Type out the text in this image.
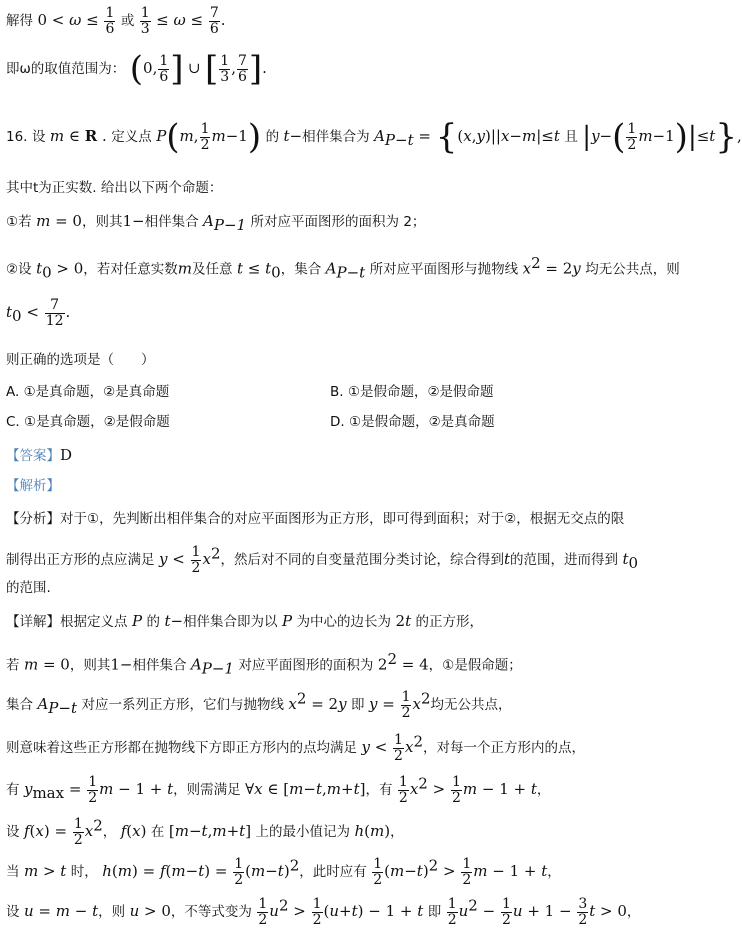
解得 $0 < \omega \le \frac{1}{6}$ 或 $\frac{1}{3} \le \omega \le \frac{7}{6}$ .
即ω的取值范围为： (0, $\frac{1}{6}$ ] ∪ [ $\frac{1}{3}$ , $\frac{7}{6}$ ].
16. 设 m ∈ R . 定义点 P(m, $\frac{1}{2} m-1$) 的 t−相伴集合为 $A_{P-t} = \{(x,y)||x-m|\le t$ 且 $|y-( \frac{1}{2} m-1)|\le t$},
其中t为正实数. 给出以下两个命题：
①若 m = 0，则其1−相伴集合 $A_{P-1}$ 所对应平面图形的面积为 2；
②设 $t_0 > 0$，若对任意实数m及任意 $t \le t_0$，集合 $A_{P-t}$ 所对应平面图形与抛物线 $x^2 = 2y$ 均无公共点，则
$t_0 < \frac{7}{12}$ .
则正确的选项是（　　）
A. ①是真命题，②是真命题	B. ①是假命题，②是假命题
C. ①是真命题，②是假命题	D. ①是假命题，②是真命题
【答案】D
【解析】
【分析】对于①，先判断出相伴集合的对应平面图形为正方形，即可得到面积；对于②，根据无交点的限
制得出正方形的点应满足 $y < \frac{1}{2} x^2$，然后对不同的自变量范围分类讨论，综合得到t的范围，进而得到 $t_0$
的范围.
【详解】根据定义点 P 的 t−相伴集合即为以 P 为中心的边长为 2t 的正方形，
若 m = 0，则其1−相伴集合 $A_{P-1}$ 对应平面图形的面积为 $2^2 = 4$，①是假命题；
集合 $A_{P-t}$ 对应一系列正方形，它们与抛物线 $x^2 = 2y$ 即 $y = \frac{1}{2} x^2$均无公共点，
则意味着这些正方形都在抛物线下方即正方形内的点均满足 $y < \frac{1}{2} x^2$，对每一个正方形内的点，
有 $y_{max} = \frac{1}{2}$ m − 1 + t，则需满足 ∀x ∈ [m−t,m+t]，有 $\frac{1}{2} x^2 > \frac{1}{2}$ m − 1 + t，
设 $f(x) = \frac{1}{2} x^2$， f(x) 在 [m−t,m+t] 上的最小值记为 h(m)，
当 m > t 时， $h(m) = f(m-t) = \frac{1}{2} (m-t)^2$，此时应有 $\frac{1}{2} (m-t)^2 > \frac{1}{2}$ m − 1 + t，
设 u = m − t，则 u > 0，不等式变为 $\frac{1}{2} u^2 > \frac{1}{2} (u+t) - 1 + t$ 即 $\frac{1}{2} u^2 - \frac{1}{2}$ $u + 1 - \frac{3}{2}$ t > 0，
